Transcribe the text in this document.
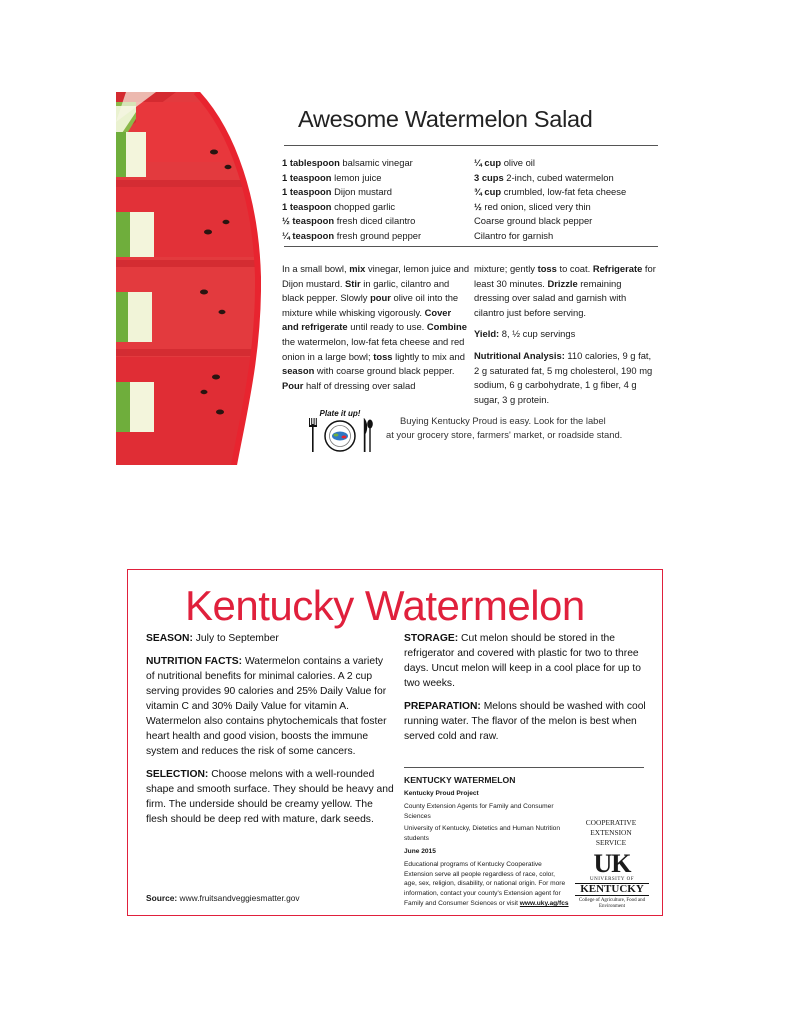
Awesome Watermelon Salad
1 tablespoon balsamic vinegar
1 teaspoon lemon juice
1 teaspoon Dijon mustard
1 teaspoon chopped garlic
½ teaspoon fresh diced cilantro
¼ teaspoon fresh ground pepper
¼ cup olive oil
3 cups 2-inch, cubed watermelon
¾ cup crumbled, low-fat feta cheese
½ red onion, sliced very thin
Coarse ground black pepper
Cilantro for garnish

In a small bowl, mix vinegar, lemon juice and Dijon mustard. Stir in garlic, cilantro and black pepper. Slowly pour olive oil into the mixture while whisking vigorously. Cover and refrigerate until ready to use. Combine the watermelon, low-fat feta cheese and red onion in a large bowl; toss lightly to mix and season with coarse ground black pepper. Pour half of dressing over salad

mixture; gently toss to coat. Refrigerate for least 30 minutes. Drizzle remaining dressing over salad and garnish with cilantro just before serving.

Yield: 8, ½ cup servings

Nutritional Analysis: 110 calories, 9 g fat, 2 g saturated fat, 5 mg cholesterol, 190 mg sodium, 6 g carbohydrate, 1 g fiber, 4 g sugar, 3 g protein.

Plate it up!
Buying Kentucky Proud is easy. Look for the label
at your grocery store, farmers' market, or roadside stand.
Kentucky Watermelon

SEASON: July to September

NUTRITION FACTS: Watermelon contains a variety of nutritional benefits for minimal calories. A 2 cup serving provides 90 calories and 25% Daily Value for vitamin C and 30% Daily Value for vitamin A. Watermelon also contains phytochemicals that foster heart health and good vision, boosts the immune system and reduces the risk of some cancers.

SELECTION: Choose melons with a well-rounded shape and smooth surface. They should be heavy and firm. The underside should be creamy yellow. The flesh should be deep red with mature, dark seeds.

STORAGE: Cut melon should be stored in the refrigerator and covered with plastic for two to three days. Uncut melon will keep in a cool place for up to two weeks.

PREPARATION: Melons should be washed with cool running water. The flavor of the melon is best when served cold and raw.

Source: www.fruitsandveggiesmatter.gov

KENTUCKY WATERMELON

Kentucky Proud Project

County Extension Agents for Family and Consumer Sciences

University of Kentucky, Dietetics and Human Nutrition students

June 2015

Educational programs of Kentucky Cooperative Extension serve all people regardless of race, color, age, sex, religion, disability, or national origin. For more information, contact your county's Extension agent for Family and Consumer Sciences or visit www.uky.ag/fcs

COOPERATIVE
EXTENSION
SERVICE
UK
UNIVERSITY OF
KENTUCKY
College of Agriculture, Food and Environment
